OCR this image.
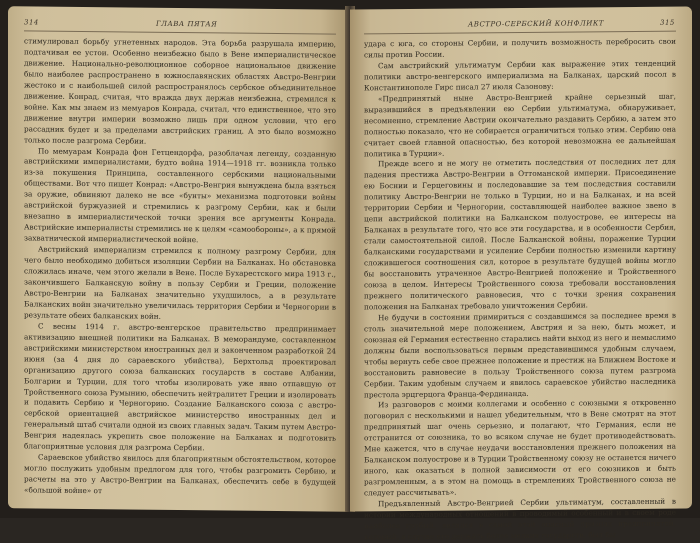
314	ГЛАВА ПЯТАЯ

стимулировал борьбу угнетенных народов. Эта борьба разрушала империю, подтачивая ее устои. Особенно неизбежно было в Вене империалистическое движение. Национально-революционное соборное национальное движение было наиболее распространено в южнославянских областях Австро-Венгрии жестоко и с наибольшей силой распространялось сербское объединительное движение. Конрад, считая, что вражда двух держав неизбежна, стремился к войне. Как мы знаем из мемуаров Конрада, считал, что единственное, что это движение внутри империи возможно лишь при одном условии, что его рассадник будет и за пределами австрийских границ. А это было возможно только после разгрома Сербии.

По мемуарам Конрада фон Гетцендорфа, разоблачая легенду, созданную австрийскими империалистами, будто война 1914—1918 гг. возникла только из-за покушения Принципа, составленного сербскими национальными обществами. Вот что пишет Конрад: «Австро-Венгрия вынуждена была взяться за оружие, обвиняют далеко не все «бунты» механизма подготовки войны австрийской буржуазией и стремились к разгрому Сербии, как и были внезапно в империалистической точки зрения все аргументы Конрада. Австрийские империалисты стремились не к целям «самообороны», а к прямой захватнической империалистической войне.

Австрийский империализм стремился к полному разгрому Сербии, для чего было необходимо добиться изоляции Сербии на Балканах. Но обстановка сложилась иначе, чем этого желали в Вене. После Бухарестского мира 1913 г., закончившего Балканскую войну в пользу Сербии и Греции, положение Австро-Венгрии на Балканах значительно ухудшилось, а в результате Балканских войн значительно увеличилась территория Сербии и Черногории в результате обеих балканских войн.

С весны 1914 г. австро-венгерское правительство предпринимает активизацию внешней политики на Балканах. В меморандуме, составленном австрийскими министерством иностранных дел и законченном разработкой 24 июня (за 4 дня до сараевского убийства), Берхтольд проектировал организацию другого союза балканских государств в составе Албании, Болгарии и Турции, для того чтобы изолировать уже явно отпавшую от Тройственного союза Румынию, обеспечить нейтралитет Греции и изолировать и подавить Сербию и Черногорию. Создание Балканского союза с австро-сербской ориентацией австрийское министерство иностранных дел и генеральный штаб считали одной из своих главных задач. Таким путем Австро-Венгрия надеялась укрепить свое положение на Балканах и подготовить благоприятные условия для разгрома Сербии.

Сараевское убийство явилось для благоприятным обстоятельством, которое могло послужить удобным предлогом для того, чтобы разгромить Сербию, и расчеты на это у Австро-Венгрии на Балканах, обеспечить себе в будущей «большой войне» от

АВСТРО-СЕРБСКИЙ КОНФЛИКТ	315

удара с юга, со стороны Сербии, и получить возможность перебросить свои силы против России.

Сам австрийский ультиматум Сербии как выражение этих тенденций политики австро-венгерского империализма на Балканах, царский посол в Константинополе Гирс писал 27 июля Сазонову:

«Предпринятый ныне Австро-Венгрией крайне серьезный шаг, выразившийся в предъявлении ею Сербии ультиматума, обнаруживает, несомненно, стремление Австрии окончательно раздавить Сербию, а затем это полностью показало, что не собирается ограничиться только этим. Сербию она считает своей главной опасностью, без которой невозможна ее дальнейшая политика в Турции».

Прежде всего и не могу не отметить последствия от последних лет для падения престижа Австро-Венгрии в Оттоманской империи. Присоединение ею Боснии и Герцеговины и последовавшие за тем последствия составили политику Австро-Венгрии не только в Турции, но и на Балканах, и на всей территории Сербии и Черногории, составляющей наиболее важное звено в цепи австрийской политики на Балканском полуострове, ее интересы на Балканах в результате того, что все эти государства, и в особенности Сербия, стали самостоятельной силой. После Балканской войны, поражение Турции балканскими государствами и усиление Сербии полностью изменили картину сложившегося соотношения сил, которое в результате будущей войны могло бы восстановить утраченное Австро-Венгрией положение и Тройственного союза в целом. Интересы Тройственного союза требовали восстановления прежнего политического равновесия, что с точки зрения сохранения положения на Балканах требовало уничтожения Сербии.

Не будучи в состоянии примириться с создавшимся за последнее время в столь значительной мере положением, Австрия и за нею, быть может, и союзная ей Германия естественно старались найти выход из него и немыслимо должны были воспользоваться первым представившимся удобным случаем, чтобы вернуть себе свое прежнее положение и престиж на Ближнем Востоке и восстановить равновесие в пользу Тройственного союза путем разгрома Сербии. Таким удобным случаем и явилось сараевское убийство наследника престола эрцгерцога Франца-Фердинанда.

Из разговоров с моими коллегами и особенно с союзными я откровенно поговорил с несколькими и нашел убедительным, что в Вене смотрят на этот предпринятый шаг очень серьезно, и полагают, что Германия, если не отстранится от союзника, то во всяком случае не будет противодействовать. Мне кажется, что в случае неудачи восстановления прежнего положения на Балканском полуострове и в Турции Тройственному союзу не останется ничего иного, как оказаться в полной зависимости от его союзников и быть разгромленным, а в этом на помощь в стремлениях Тройственного союза не следует рассчитывать».

Предъявленный Австро-Венгрией Сербии ультиматум, составленный в истории международных отношений в проводимый особенный и в своем роде наиболее грубый, являлся в самой этой опасный признак предпринятой, который, в случае его держать более мелких государств, был бы
